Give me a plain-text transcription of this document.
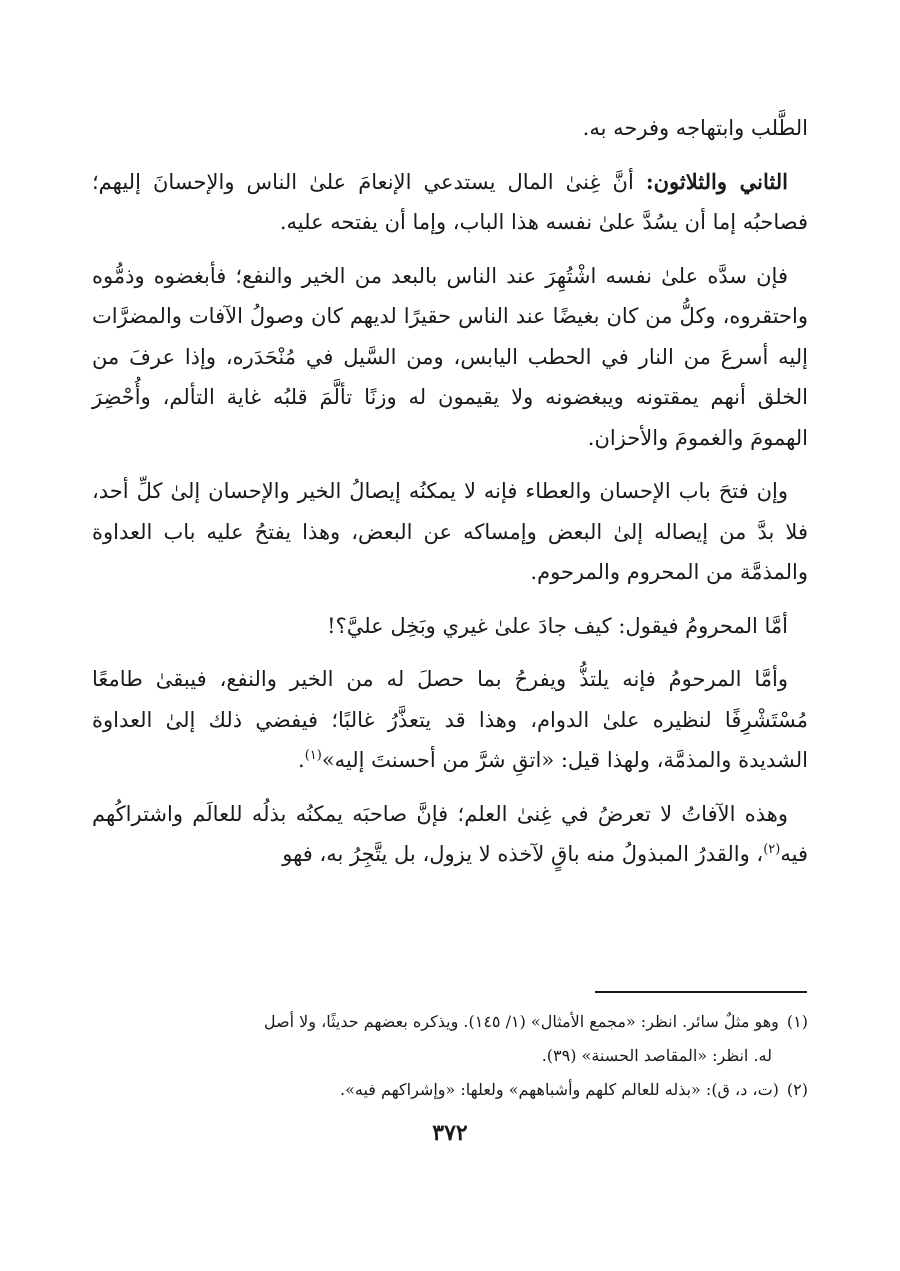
الطَّلب وابتهاجه وفرحه به.

الثاني والثلاثون: أنَّ غِنىٰ المال يستدعي الإنعامَ علىٰ الناس والإحسانَ إليهم؛ فصاحبُه إما أن يسُدَّ علىٰ نفسه هذا الباب، وإما أن يفتحه عليه.

فإن سدَّه علىٰ نفسه اشْتُهِرَ عند الناس بالبعد من الخير والنفع؛ فأبغضوه وذمُّوه واحتقروه، وكلُّ من كان بغيضًا عند الناس حقيرًا لديهم كان وصولُ الآفات والمضرَّات إليه أسرعَ من النار في الحطب اليابس، ومن السَّيل في مُنْحَدَره، وإذا عرفَ من الخلق أنهم يمقتونه ويبغضونه ولا يقيمون له وزنًا تألَّمَ قلبُه غاية التألم، وأُحْضِرَ الهمومَ والغمومَ والأحزان.

وإن فتحَ باب الإحسان والعطاء فإنه لا يمكنُه إيصالُ الخير والإحسان إلىٰ كلِّ أحد، فلا بدَّ من إيصاله إلىٰ البعض وإمساكه عن البعض، وهذا يفتحُ عليه باب العداوة والمذمَّة من المحروم والمرحوم.

أمَّا المحرومُ فيقول: كيف جادَ علىٰ غيري وبَخِل عليَّ؟!

وأمَّا المرحومُ فإنه يلتذُّ ويفرحُ بما حصلَ له من الخير والنفع، فيبقىٰ طامعًا مُسْتَشْرِفًا لنظيره علىٰ الدوام، وهذا قد يتعذَّرُ غالبًا؛ فيفضي ذلك إلىٰ العداوة الشديدة والمذمَّة، ولهذا قيل: «اتقِ شرَّ من أحسنتَ إليه»$^{(١)}$.

وهذه الآفاتُ لا تعرضُ في غِنىٰ العلم؛ فإنَّ صاحبَه يمكنُه بذلُه للعالَم واشتراكُهم فيه$^{(٢)}$، والقدرُ المبذولُ منه باقٍ لآخذه لا يزول، بل يتَّجِرُ به، فهو

(١)وهو مثلٌ سائر. انظر: «مجمع الأمثال» (١/ ١٤٥). ويذكره بعضهم حديثًا، ولا أصل

له. انظر: «المقاصد الحسنة» (٣٩).

(٢)(ت، د، ق): «بذله للعالم كلهم وأشباههم» ولعلها: «وإشراكهم فيه».

٣٧٢
